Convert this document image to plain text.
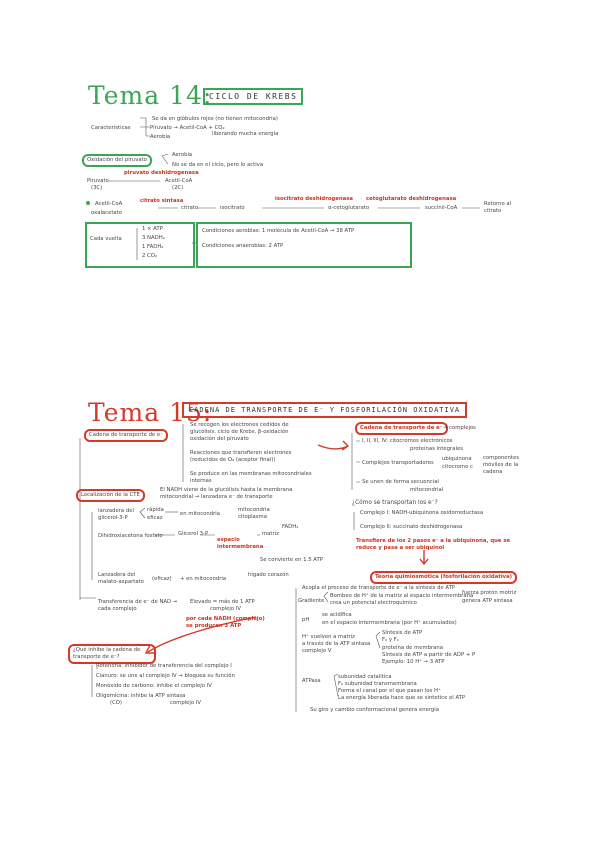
Tema 14:
CICLO DE KREBS
Características
Se da en glóbulos rojos (no tienen mitocondria)
Piruvato → Acetil-CoA + CO₂
Aerobia	liberando mucha energía
Oxidación del piruvato
Aerobia
No se da en el ciclo, pero lo activa
piruvato deshidrogenasa
Piruvato
(3C)
Acetil-CoA
(2C)
Acetil-CoA
oxalacetato
citrato sintasa
citrato	isocitrato
isocitrato deshidrogenasa
α-cetoglutarato
cetoglutarato deshidrogenasa
succinil-CoA
Retorno al citrato
Cada vuelta
1 × ATP
3 NADH₂
1 FADH₂
2 CO₂
Condiciones aerobias: 1 molécula de Acetil-CoA → 38 ATP
Condiciones anaerobias: 2 ATP
Tema 15:
CADENA DE TRANSPORTE DE E⁻ Y FOSFORILACIÓN OXIDATIVA
Cadena de transporte de e⁻
Se recogen los electrones cedidos de
glucólisis, ciclo de Krebs, β-oxidación
oxidación del piruvato
Reacciones que transfieren electrones
(reducidos de O₂ (aceptor final))
Se produce en las membranas mitocondriales
internas
Localización de la CTE
El NADH viene de la glucólisis hasta la membrana
mitocondrial → lanzadera e⁻ de transporte
lanzadera del
glicerol-3-P
rápida
eficaz
en mitocondria
mitocondria citoplasma
Dihidroxiacetona fosfato	Glicerol 3-P
espacio intermembrana
matriz
FADH₂
Se convierte en 1.5 ATP
Lanzadera del
malato-aspartato (eficaz) + en mitocondria
hígado corazón
Transferencia de e⁻ de NAD → cada complejo
Elevado = más de 1 ATP
complejo IV
por cada NADH (complejo)
se producen 3 ATP
¿Qué inhibe la cadena de transporte de e⁻?
Rotenona: inhibidor de transferencia del complejo I
Cianuro: se une al complejo IV → bloquea su función
Monóxido de carbono: inhibe el complejo IV
Oligomicina: inhibe la ATP sintasa
(CO)	complejo IV
Cadena de transporte de e⁻ 4 complejos
I, II, III, IV: citocromos electrónicos
proteínas integrales
Complejos transportadores
ubiquinona
citocromo c
componentes móviles de la cadena
Se unen de forma secuencial
mitocondrial
¿Cómo se transportan los e⁻?
Complejo I: NADH-ubiquinona oxidorreductasa
Complejo II: succinato deshidrogenasa
Transfiere de los 2 pasos e⁻ a la ubiquinona, que se reduce y pasa a ser ubiquinol
Teoría quimiosmótica (fosforilación oxidativa)
Acopla el proceso de transporte de e⁻ a la síntesis de ATP
Gradiente
Bombeo de H⁺ de la matriz al espacio intermembrana
crea un potencial electroquímico
fuerza protón motriz
genera ATP sintasa
pH
se acidifica
en el espacio intermembrana (por H⁺ acumulados)
H⁺ vuelven a matriz
a través de la ATP sintasa
complejo V
Síntesis de ATP
F₀ y F₁
proteína de membrana
Síntesis de ATP a partir de ADP + P
Ejemplo: 10 H⁺ → 3 ATP
ATPasa
subunidad catalítica
F₀ subunidad transmembrana
Forma el canal por el que pasan los H⁺
La energía liberada hace que se sintetice el ATP
Su giro y cambio conformacional genera energía
